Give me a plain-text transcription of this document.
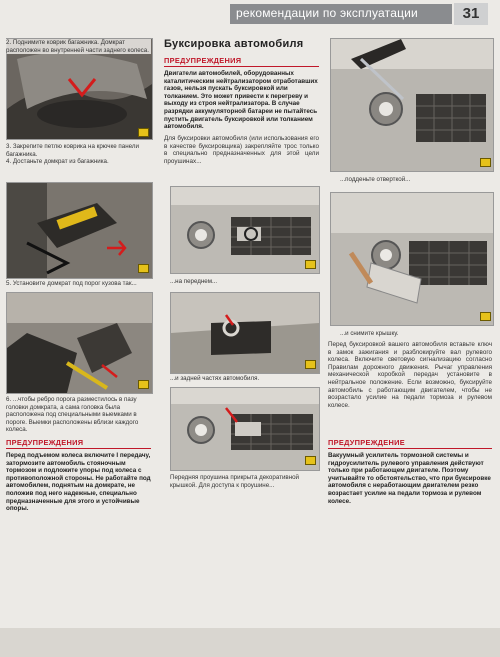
рекомендации по эксплуатации	31
2. Поднимите коврик багажника. Домкрат расположен во внутренней части заднего колеса.
3. Закрепите петлю коврика на крючке панели багажника.
4. Достаньте домкрат из багажника.
5. Установите домкрат под порог кузова так...
6. ...чтобы ребро порога разместилось в пазу головки домкрата, а сама головка была расположена под специальными выемками в пороге. Выемки расположены вблизи каждого колеса.
ПРЕДУПРЕЖДЕНИЯ
Перед подъемом колеса включите I передачу, затормозите автомобиль стояночным тормозом и подложите упоры под колеса с противоположной стороны. Не работайте под автомобилем, поднятым на домкрате, не положив под него надежные, специально предназначенные для этого и устойчивые опоры.
Буксировка автомобиля
ПРЕДУПРЕЖДЕНИЯ
Двигатели автомобилей, оборудованных каталитическим нейтрализатором отработавших газов, нельзя пускать буксировкой или толканием. Это может привести к перегреву и выходу из строя нейтрализатора. В случае разрядки аккумуляторной батареи не пытайтесь пустить двигатель буксировкой или толканием автомобиля.
Для буксировки автомобиля (или использования его в качестве буксировщика) закрепляйте трос только в специально предназначенных для этой цели проушинах...
...на переднем...
...и задней частях автомобиля.
Передняя проушина прикрыта декоративной крышкой. Для доступа к проушине...
...подденьте отверткой...
...и снимите крышку.
Перед буксировкой вашего автомобиля вставьте ключ в замок зажигания и разблокируйте вал рулевого колеса. Включите световую сигнализацию согласно Правилам дорожного движения. Рычаг управления механической коробкой передач установите в нейтральное положение. Если возможно, буксируйте автомобиль с работающим двигателем, чтобы не возрастало усилие на педали тормоза и рулевом колесе.
ПРЕДУПРЕЖДЕНИЕ
Вакуумный усилитель тормозной системы и гидроусилитель рулевого управления действуют только при работающем двигателе. Поэтому учитывайте то обстоятельство, что при буксировке автомобиля с неработающим двигателем резко возрастает усилие на педали тормоза и рулевом колесе.
